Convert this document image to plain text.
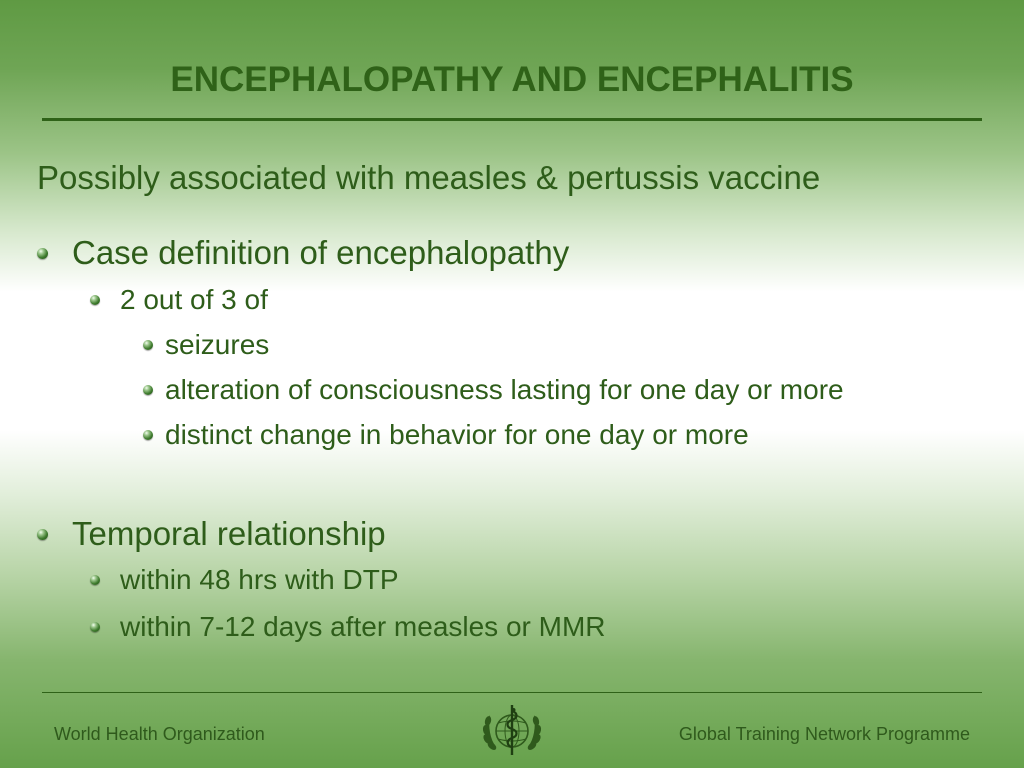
ENCEPHALOPATHY AND ENCEPHALITIS
Possibly associated with measles & pertussis vaccine
Case definition of encephalopathy
2 out of 3 of
seizures
alteration of consciousness lasting for one day or more
distinct change in behavior for one day or more
Temporal relationship
within 48 hrs with DTP
within 7-12 days after measles or MMR
World Health Organization	Global Training Network Programme
